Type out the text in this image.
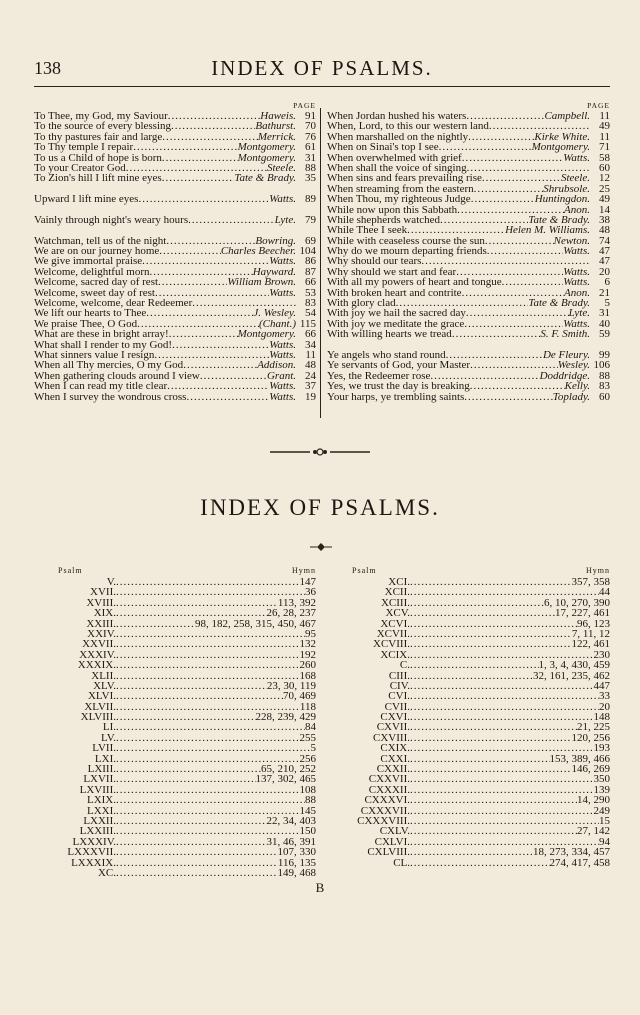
138	INDEX OF PSALMS.
PAGE
To Thee, my God, my Saviour .....	Haweis. 91
To the source of every blessing .....	Bathurst. 70
To thy pastures fair and large .....	Merrick. 76
To Thy temple I repair .....	Montgomery. 61
To us a Child of hope is born .....	Montgomery. 31
To your Creator God .....	Steele. 88
To Zion's hill I lift mine eyes .....	Tate & Brady. 35
Upward I lift mine eyes .....	Watts. 89
Vainly through night's weary hours .....	Lyte. 79
Watchman, tell us of the night .....	Bowring. 69
We are on our journey home .....	Charles Beecher. 104
We give immortal praise .....	Watts. 86
Welcome, delightful morn .....	Hayward. 87
Welcome, sacred day of rest .....	William Brown. 66
Welcome, sweet day of rest .....	Watts. 53
Welcome, welcome, dear Redeemer .....	83
We lift our hearts to Thee .....	J. Wesley. 54
We praise Thee, O God .....	(Chant.) 115
What are these in bright array! .....	Montgomery. 66
What shall I render to my God! .....	Watts. 34
What sinners value I resign .....	Watts. 11
When all Thy mercies, O my God .....	Addison. 48
When gathering clouds around I view .....	Grant. 24
When I can read my title clear .....	Watts. 37
When I survey the wondrous cross .....	Watts. 19
PAGE
When Jordan hushed his waters .....	Campbell. 11
When, Lord, to this our western land .....	49
When marshalled on the nightly .....	Kirke White. 11
When on Sinai's top I see .....	Montgomery. 71
When overwhelmed with grief .....	Watts. 58
When shall the voice of singing .....	60
When sins and fears prevailing rise .....	Steele. 12
When streaming from the eastern .....	Shrubsole. 25
When Thou, my righteous Judge .....	Huntingdon. 49
While now upon this Sabbath .....	Anon. 14
While shepherds watched .....	Tate & Brady. 38
While Thee I seek .....	Helen M. Williams. 48
While with ceaseless course the sun .....	Newton. 74
Why do we mourn departing friends .....	Watts. 47
Why should our tears .....	47
Why should we start and fear .....	Watts. 20
With all my powers of heart and tongue .....	Watts.	6
With broken heart and contrite .....	Anon. 21
With glory clad .....	Tate & Brady.	5
With joy we hail the sacred day .....	Lyte. 31
With joy we meditate the grace .....	Watts. 40
With willing hearts we tread .....	S. F. Smith. 59
Ye angels who stand round .....	De Fleury. 99
Ye servants of God, your Master .....	Wesley. 106
Yes, the Redeemer rose .....	Doddridge. 88
Yes, we trust the day is breaking .....	Kelly. 83
Your harps, ye trembling saints .....	Toplady. 60
INDEX OF PSALMS.
Psalm	Hymn
V. .....	147
XVII. .....	36
XVIII. .....	113, 392
XIX. .....	26, 28, 237
XXIII. .....	98, 182, 258, 315, 450, 467
XXIV. .....	95
XXVII. .....	132
XXXIV. .....	192
XXXIX. .....	260
XLII. .....	168
XLV. .....	23, 30, 119
XLVI. .....	70, 469
XLVII. .....	118
XLVIII. .....	228, 239, 429
LI. .....	84
LV. .....	255
LVII. .....	5
LXI. .....	256
LXIII. .....	65, 210, 252
LXVII. .....	137, 302, 465
LXVIII. .....	108
LXIX. .....	88
LXXI. .....	145
LXXII. .....	22, 34, 403
LXXIII. .....	150
LXXXIV. .....	31, 46, 391
LXXXVII. .....	107, 330
LXXXIX. .....	116, 135
XC. .....	149, 468
Psalm	Hymn
XCI. .....	357, 358
XCII. .....	44
XCIII. .....	6, 10, 270, 390
XCV. .....	17, 227, 461
XCVI. .....	96, 123
XCVII. .....	7, 11, 12
XCVIII. .....	122, 461
XCIX. .....	230
C. .....	1, 3, 4, 430, 459
CIII. .....	32, 161, 235, 462
CIV. .....	447
CVI. .....	33
CVII. .....	20
CXVI. .....	148
CXVII. .....	21, 225
CXVIII. .....	120, 256
CXIX. .....	193
CXXI. .....	153, 389, 466
CXXII. .....	146, 269
CXXVII. .....	350
CXXXII. .....	139
CXXXVI. .....	14, 290
CXXXVII. .....	249
CXXXVIII. .....	15
CXLV. .....	27, 142
CXLVI. .....	94
CXLVIII. .....	18, 273, 334, 457
CL. .....	274, 417, 458
B
